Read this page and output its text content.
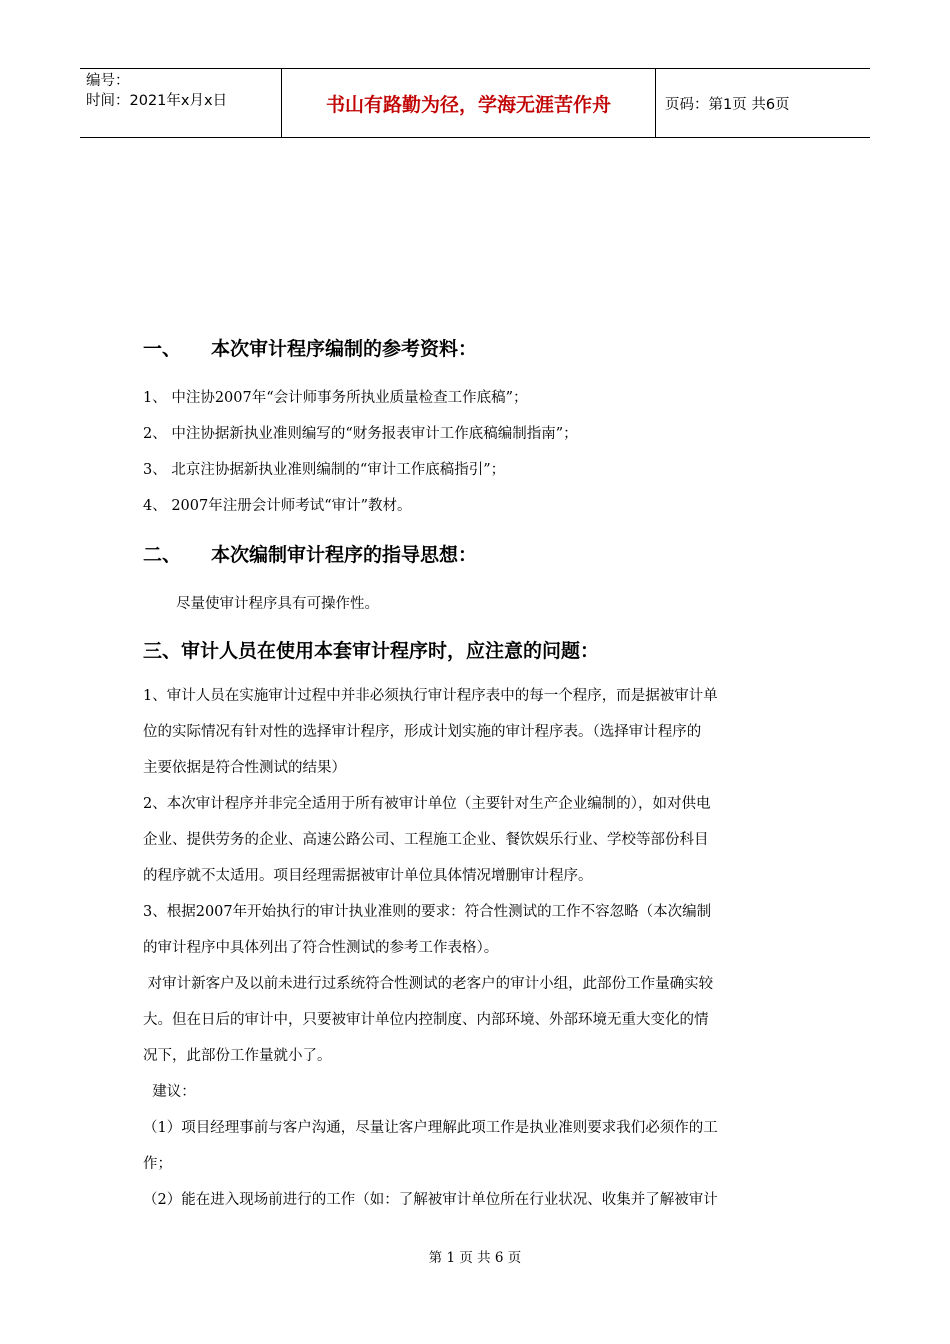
编号：
时间：2021年x月x日	书山有路勤为径，学海无涯苦作舟	页码：第1页 共6页
一、 本次审计程序编制的参考资料：

1、 中注协2007年“会计师事务所执业质量检查工作底稿”；

2、 中注协据新执业准则编写的“财务报表审计工作底稿编制指南”；

3、 北京注协据新执业准则编制的“审计工作底稿指引”；

4、 2007年注册会计师考试“审计”教材。

二、 本次编制审计程序的指导思想：

尽量使审计程序具有可操作性。

三、审计人员在使用本套审计程序时，应注意的问题：

1、审计人员在实施审计过程中并非必须执行审计程序表中的每一个程序，而是据被审计单

位的实际情况有针对性的选择审计程序，形成计划实施的审计程序表。（选择审计程序的

主要依据是符合性测试的结果）

2、本次审计程序并非完全适用于所有被审计单位（主要针对生产企业编制的），如对供电

企业、提供劳务的企业、高速公路公司、工程施工企业、餐饮娱乐行业、学校等部份科目

的程序就不太适用。项目经理需据被审计单位具体情况增删审计程序。

3、根据2007年开始执行的审计执业准则的要求：符合性测试的工作不容忽略（本次编制

的审计程序中具体列出了符合性测试的参考工作表格）。

对审计新客户及以前未进行过系统符合性测试的老客户的审计小组，此部份工作量确实较

大。但在日后的审计中，只要被审计单位内控制度、内部环境、外部环境无重大变化的情

况下，此部份工作量就小了。

建议：

（1）项目经理事前与客户沟通，尽量让客户理解此项工作是执业准则要求我们必须作的工

作；

（2）能在进入现场前进行的工作（如：了解被审计单位所在行业状况、收集并了解被审计

第 1 页 共 6 页
